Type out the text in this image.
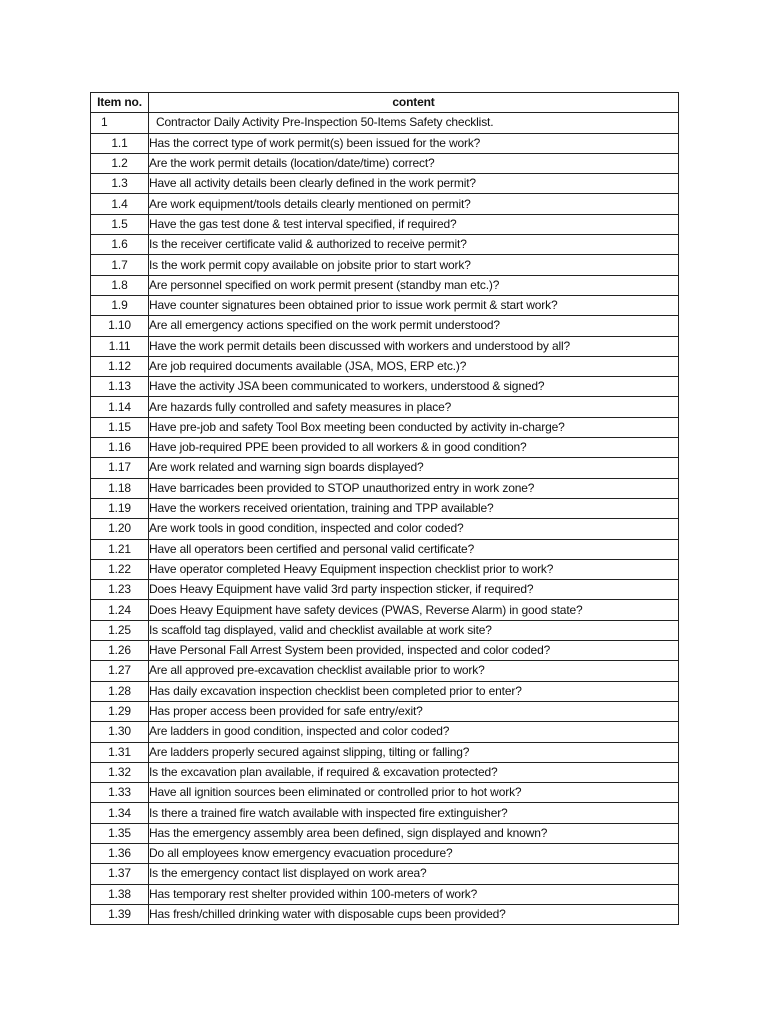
Item no.	content
1	Contractor Daily Activity Pre-Inspection 50-Items Safety checklist.
1.1	Has the correct type of work permit(s) been issued for the work?
1.2	Are the work permit details (location/date/time) correct?
1.3	Have all activity details been clearly defined in the work permit?
1.4	Are work equipment/tools details clearly mentioned on permit?
1.5	Have the gas test done & test interval specified, if required?
1.6	Is the receiver certificate valid & authorized to receive permit?
1.7	Is the work permit copy available on jobsite prior to start work?
1.8	Are personnel specified on work permit present (standby man etc.)?
1.9	Have counter signatures been obtained prior to issue work permit & start work?
1.10	Are all emergency actions specified on the work permit understood?
1.11	Have the work permit details been discussed with workers and understood by all?
1.12	Are job required documents available (JSA, MOS, ERP etc.)?
1.13	Have the activity JSA been communicated to workers, understood & signed?
1.14	Are hazards fully controlled and safety measures in place?
1.15	Have pre-job and safety Tool Box meeting been conducted by activity in-charge?
1.16	Have job-required PPE been provided to all workers & in good condition?
1.17	Are work related and warning sign boards displayed?
1.18	Have barricades been provided to STOP unauthorized entry in work zone?
1.19	Have the workers received orientation, training and TPP available?
1.20	Are work tools in good condition, inspected and color coded?
1.21	Have all operators been certified and personal valid certificate?
1.22	Have operator completed Heavy Equipment inspection checklist prior to work?
1.23	Does Heavy Equipment have valid 3rd party inspection sticker, if required?
1.24	Does Heavy Equipment have safety devices (PWAS, Reverse Alarm) in good state?
1.25	Is scaffold tag displayed, valid and checklist available at work site?
1.26	Have Personal Fall Arrest System been provided, inspected and color coded?
1.27	Are all approved pre-excavation checklist available prior to work?
1.28	Has daily excavation inspection checklist been completed prior to enter?
1.29	Has proper access been provided for safe entry/exit?
1.30	Are ladders in good condition, inspected and color coded?
1.31	Are ladders properly secured against slipping, tilting or falling?
1.32	Is the excavation plan available, if required & excavation protected?
1.33	Have all ignition sources been eliminated or controlled prior to hot work?
1.34	Is there a trained fire watch available with inspected fire extinguisher?
1.35	Has the emergency assembly area been defined, sign displayed and known?
1.36	Do all employees know emergency evacuation procedure?
1.37	Is the emergency contact list displayed on work area?
1.38	Has temporary rest shelter provided within 100-meters of work?
1.39	Has fresh/chilled drinking water with disposable cups been provided?
